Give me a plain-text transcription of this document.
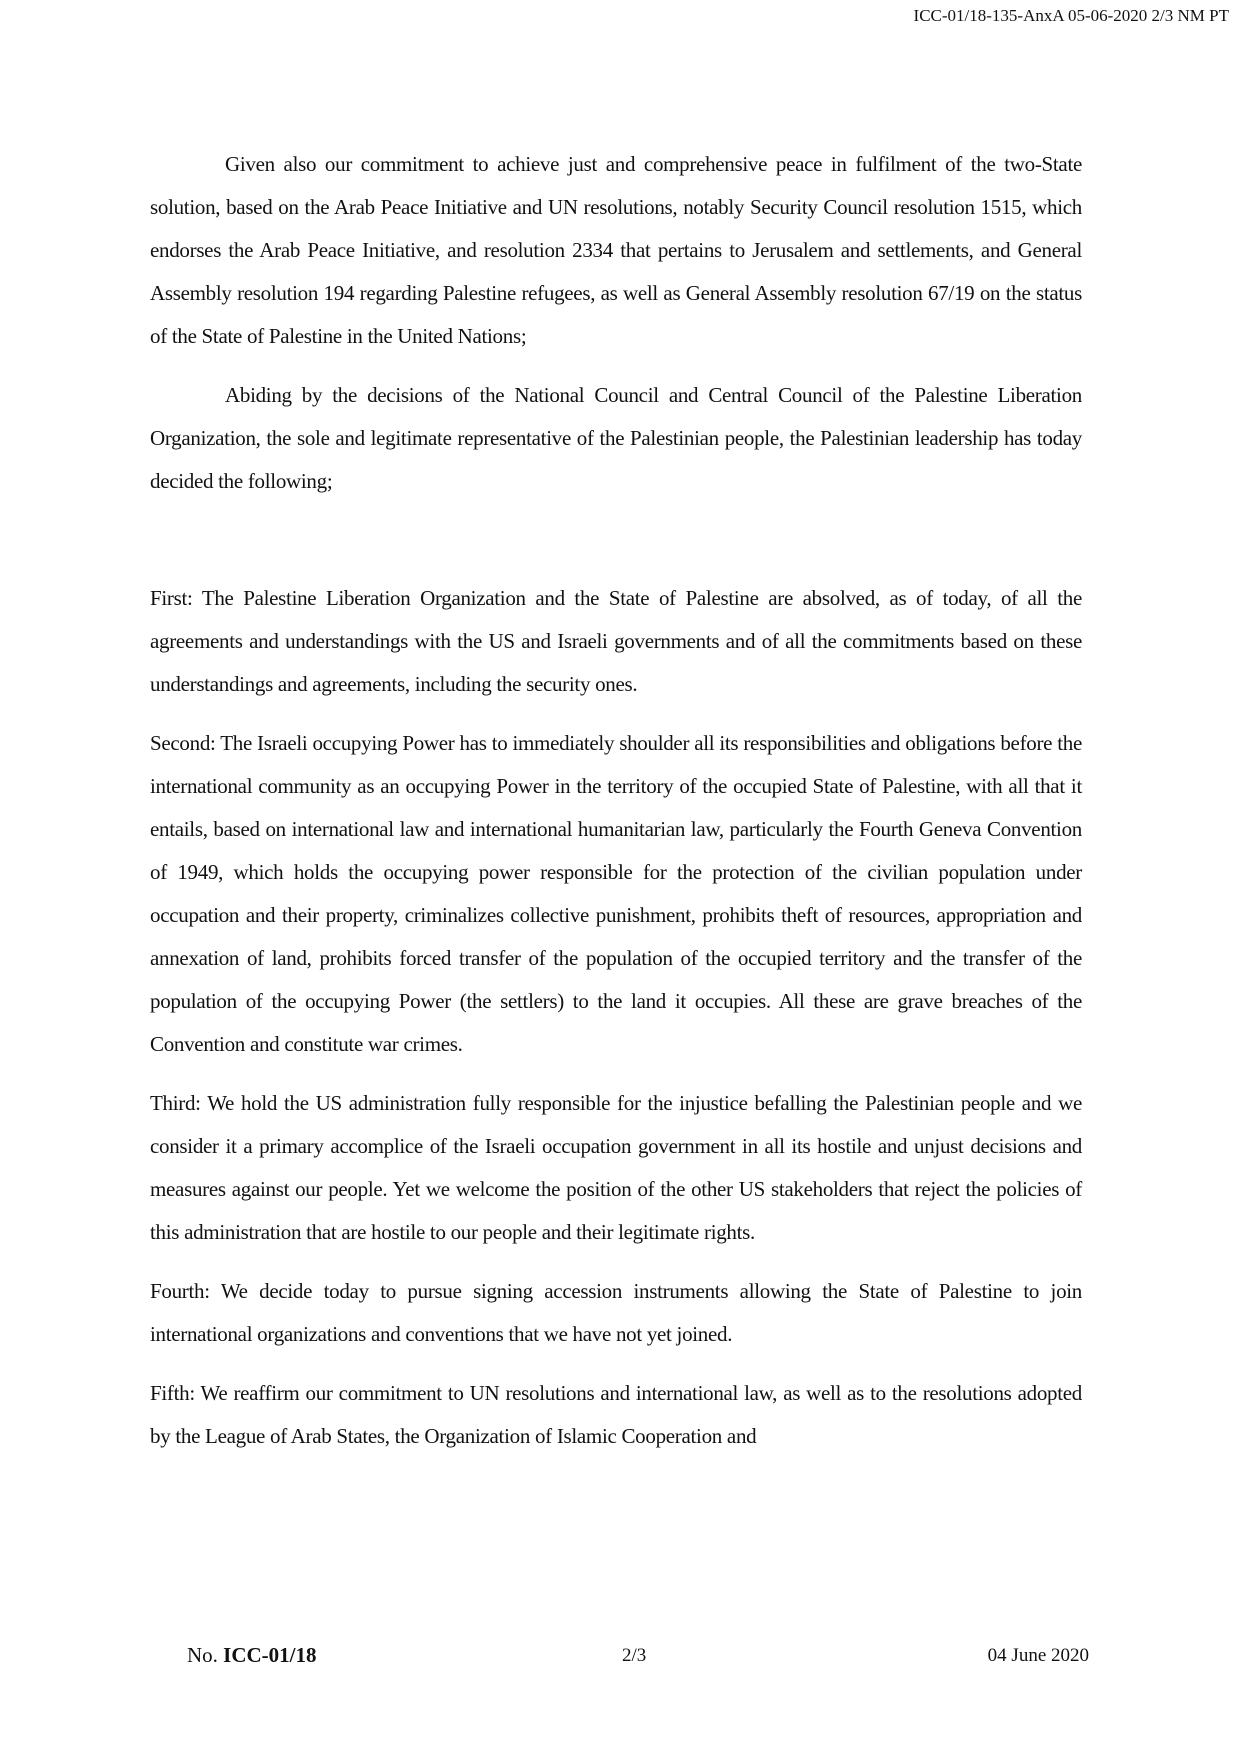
ICC-01/18-135-AnxA 05-06-2020 2/3 NM PT

Given also our commitment to achieve just and comprehensive peace in fulfilment of the two-State solution, based on the Arab Peace Initiative and UN resolutions, notably Security Council resolution 1515, which endorses the Arab Peace Initiative, and resolution 2334 that pertains to Jerusalem and settlements, and General Assembly resolution 194 regarding Palestine refugees, as well as General Assembly resolution 67/19 on the status of the State of Palestine in the United Nations;

Abiding by the decisions of the National Council and Central Council of the Palestine Liberation Organization, the sole and legitimate representative of the Palestinian people, the Palestinian leadership has today decided the following;

First: The Palestine Liberation Organization and the State of Palestine are absolved, as of today, of all the agreements and understandings with the US and Israeli governments and of all the commitments based on these understandings and agreements, including the security ones.

Second: The Israeli occupying Power has to immediately shoulder all its responsibilities and obligations before the international community as an occupying Power in the territory of the occupied State of Palestine, with all that it entails, based on international law and international humanitarian law, particularly the Fourth Geneva Convention of 1949, which holds the occupying power responsible for the protection of the civilian population under occupation and their property, criminalizes collective punishment, prohibits theft of resources, appropriation and annexation of land, prohibits forced transfer of the population of the occupied territory and the transfer of the population of the occupying Power (the settlers) to the land it occupies. All these are grave breaches of the Convention and constitute war crimes.

Third: We hold the US administration fully responsible for the injustice befalling the Palestinian people and we consider it a primary accomplice of the Israeli occupation government in all its hostile and unjust decisions and measures against our people. Yet we welcome the position of the other US stakeholders that reject the policies of this administration that are hostile to our people and their legitimate rights.

Fourth: We decide today to pursue signing accession instruments allowing the State of Palestine to join international organizations and conventions that we have not yet joined.

Fifth: We reaffirm our commitment to UN resolutions and international law, as well as to the resolutions adopted by the League of Arab States, the Organization of Islamic Cooperation and

No. ICC-01/18	2/3	04 June 2020
